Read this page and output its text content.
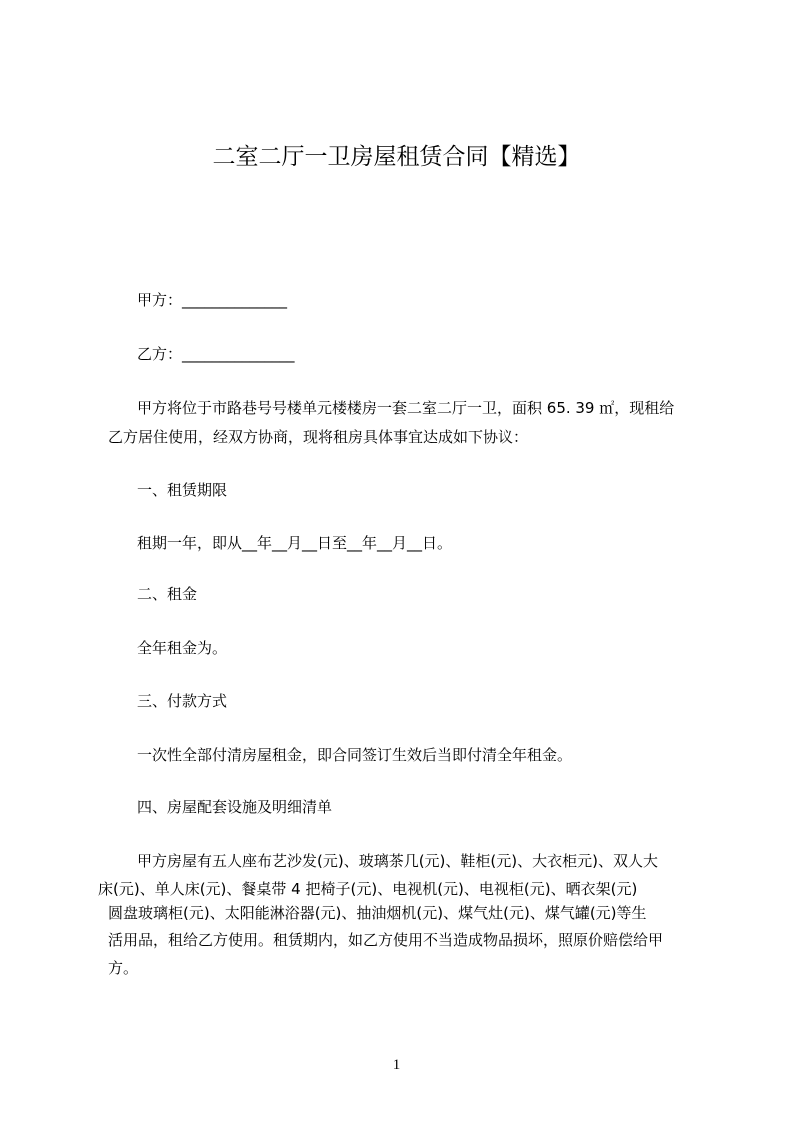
二室二厅一卫房屋租赁合同【精选】
甲方：______________
乙方：_______________
甲方将位于市路巷号号楼单元楼楼房一套二室二厅一卫，面积 65. 39 ㎡，现租给
乙方居住使用，经双方协商，现将租房具体事宜达成如下协议：
一、租赁期限
租期一年，即从__年__月__日至__年__月__日。
二、租金
全年租金为。
三、付款方式
一次性全部付清房屋租金，即合同签订生效后当即付清全年租金。
四、房屋配套设施及明细清单
甲方房屋有五人座布艺沙发(元)、玻璃茶几(元)、鞋柜(元)、大衣柜元)、双人大
床(元)、单人床(元)、餐桌带 4 把椅子(元)、电视机(元)、电视柜(元)、晒衣架(元)
圆盘玻璃柜(元)、太阳能淋浴器(元)、抽油烟机(元)、煤气灶(元)、煤气罐(元)等生
活用品，租给乙方使用。租赁期内，如乙方使用不当造成物品损坏，照原价赔偿给甲
方。
1
